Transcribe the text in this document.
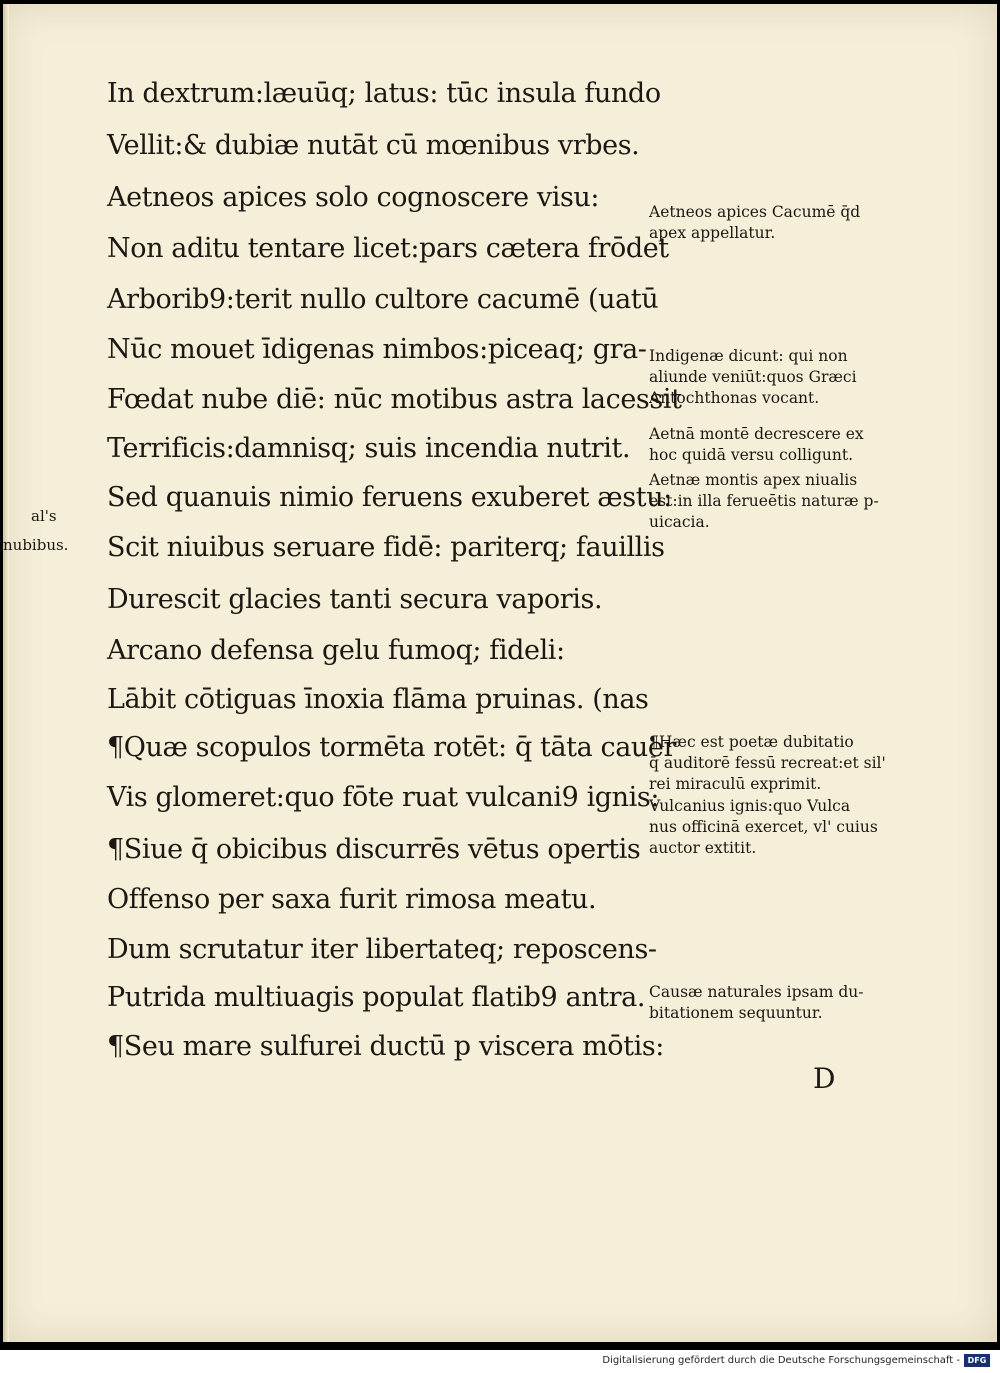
In dextrum:læuūq; latus: tūc insula fundo

Vellit:& dubiæ nutāt cū mœnibus vrbes.

Aetneos apices solo cognoscere visu:

Non aditu tentare licet:pars cætera frōdet

Arborib9:terit nullo cultore cacumē (uatū

Nūc mouet īdigenas nimbos:piceaq; gra-

Fœdat nube diē: nūc motibus astra lacessit

Terrificis:damnisq; suis incendia nutrit.

Sed quanuis nimio feruens exuberet æstu:

Scit niuibus seruare fidē: pariterq; fauillis

Durescit glacies tanti secura vaporis.

Arcano defensa gelu fumoq; fideli:

Lābit cōtiguas īnoxia flāma pruinas. (nas

¶Quæ scopulos tormēta rotēt: q̄ tāta cauer

Vis glomeret:quo fōte ruat vulcani9 ignis:

¶Siue q̄ obicibus discurrēs vētus opertis

Offenso per saxa furit rimosa meatu.

Dum scrutatur iter libertateq; reposcens-

Putrida multiuagis populat flatib9 antra.

¶Seu mare sulfurei ductū p viscera mōtis:

Aetneos apices Cacumē q̄d
apex appellatur.
Indigenæ dicunt: qui non
aliunde veniūt:quos Græci
Antochthonas vocant.
Aetnā montē decrescere ex
hoc quidā versu colligunt.
Aetnæ montis apex niualis
est:in illa ferueētis naturæ p-
uicacia.
¶Hæc est poetæ dubitatio
q̄ auditorē fessū recreat:et sil'
rei miraculū exprimit.
Vulcanius ignis:quo Vulca
nus officinā exercet, vl' cuius
auctor extitit.
Causæ naturales ipsam du-
bitationem sequuntur.

al's

nubibus.

D

Digitalisierung gefördert durch die Deutsche Forschungsgemeinschaft - DFG
